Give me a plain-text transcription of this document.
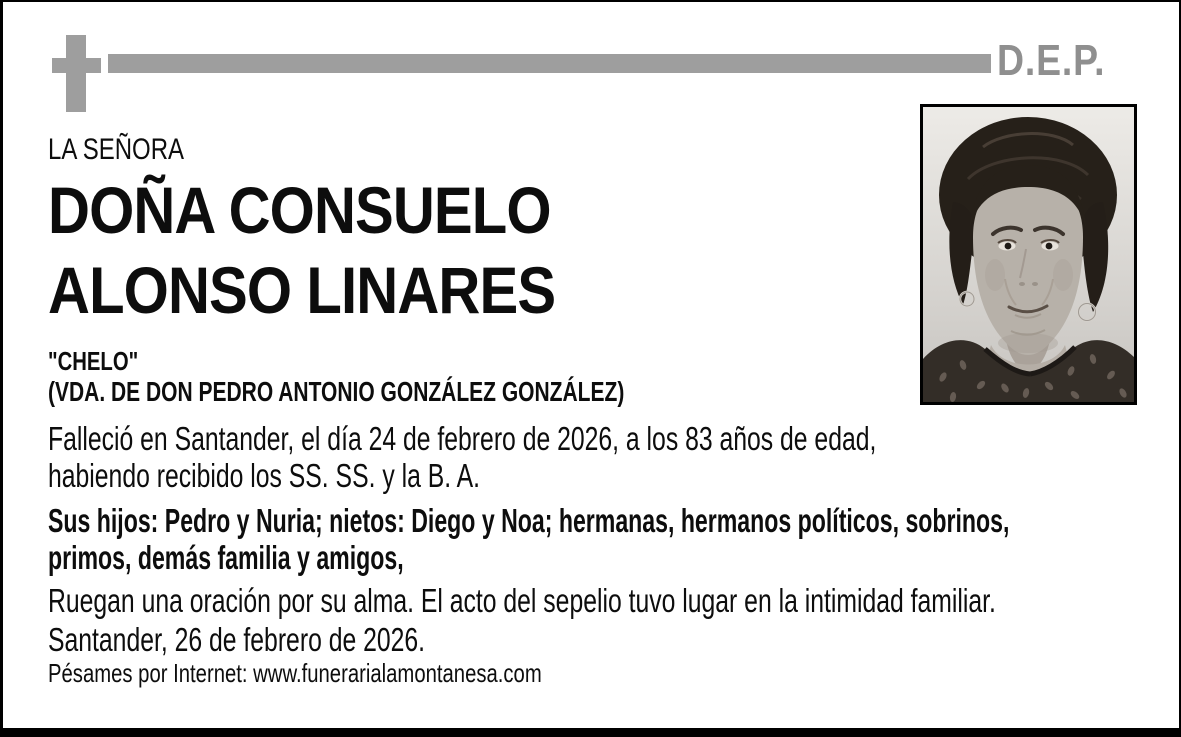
D.E.P.
LA SEÑORA
DOÑA CONSUELO
ALONSO LINARES
"CHELO"
(VDA. DE DON PEDRO ANTONIO GONZÁLEZ GONZÁLEZ)
Falleció en Santander, el día 24 de febrero de 2026, a los 83 años de edad,
habiendo recibido los SS. SS. y la B. A.
Sus hijos: Pedro y Nuria; nietos: Diego y Noa; hermanas, hermanos políticos, sobrinos,
primos, demás familia y amigos,
Ruegan una oración por su alma. El acto del sepelio tuvo lugar en la intimidad familiar.
Santander, 26 de febrero de 2026.
Pésames por Internet: www.funerarialamontanesa.com
